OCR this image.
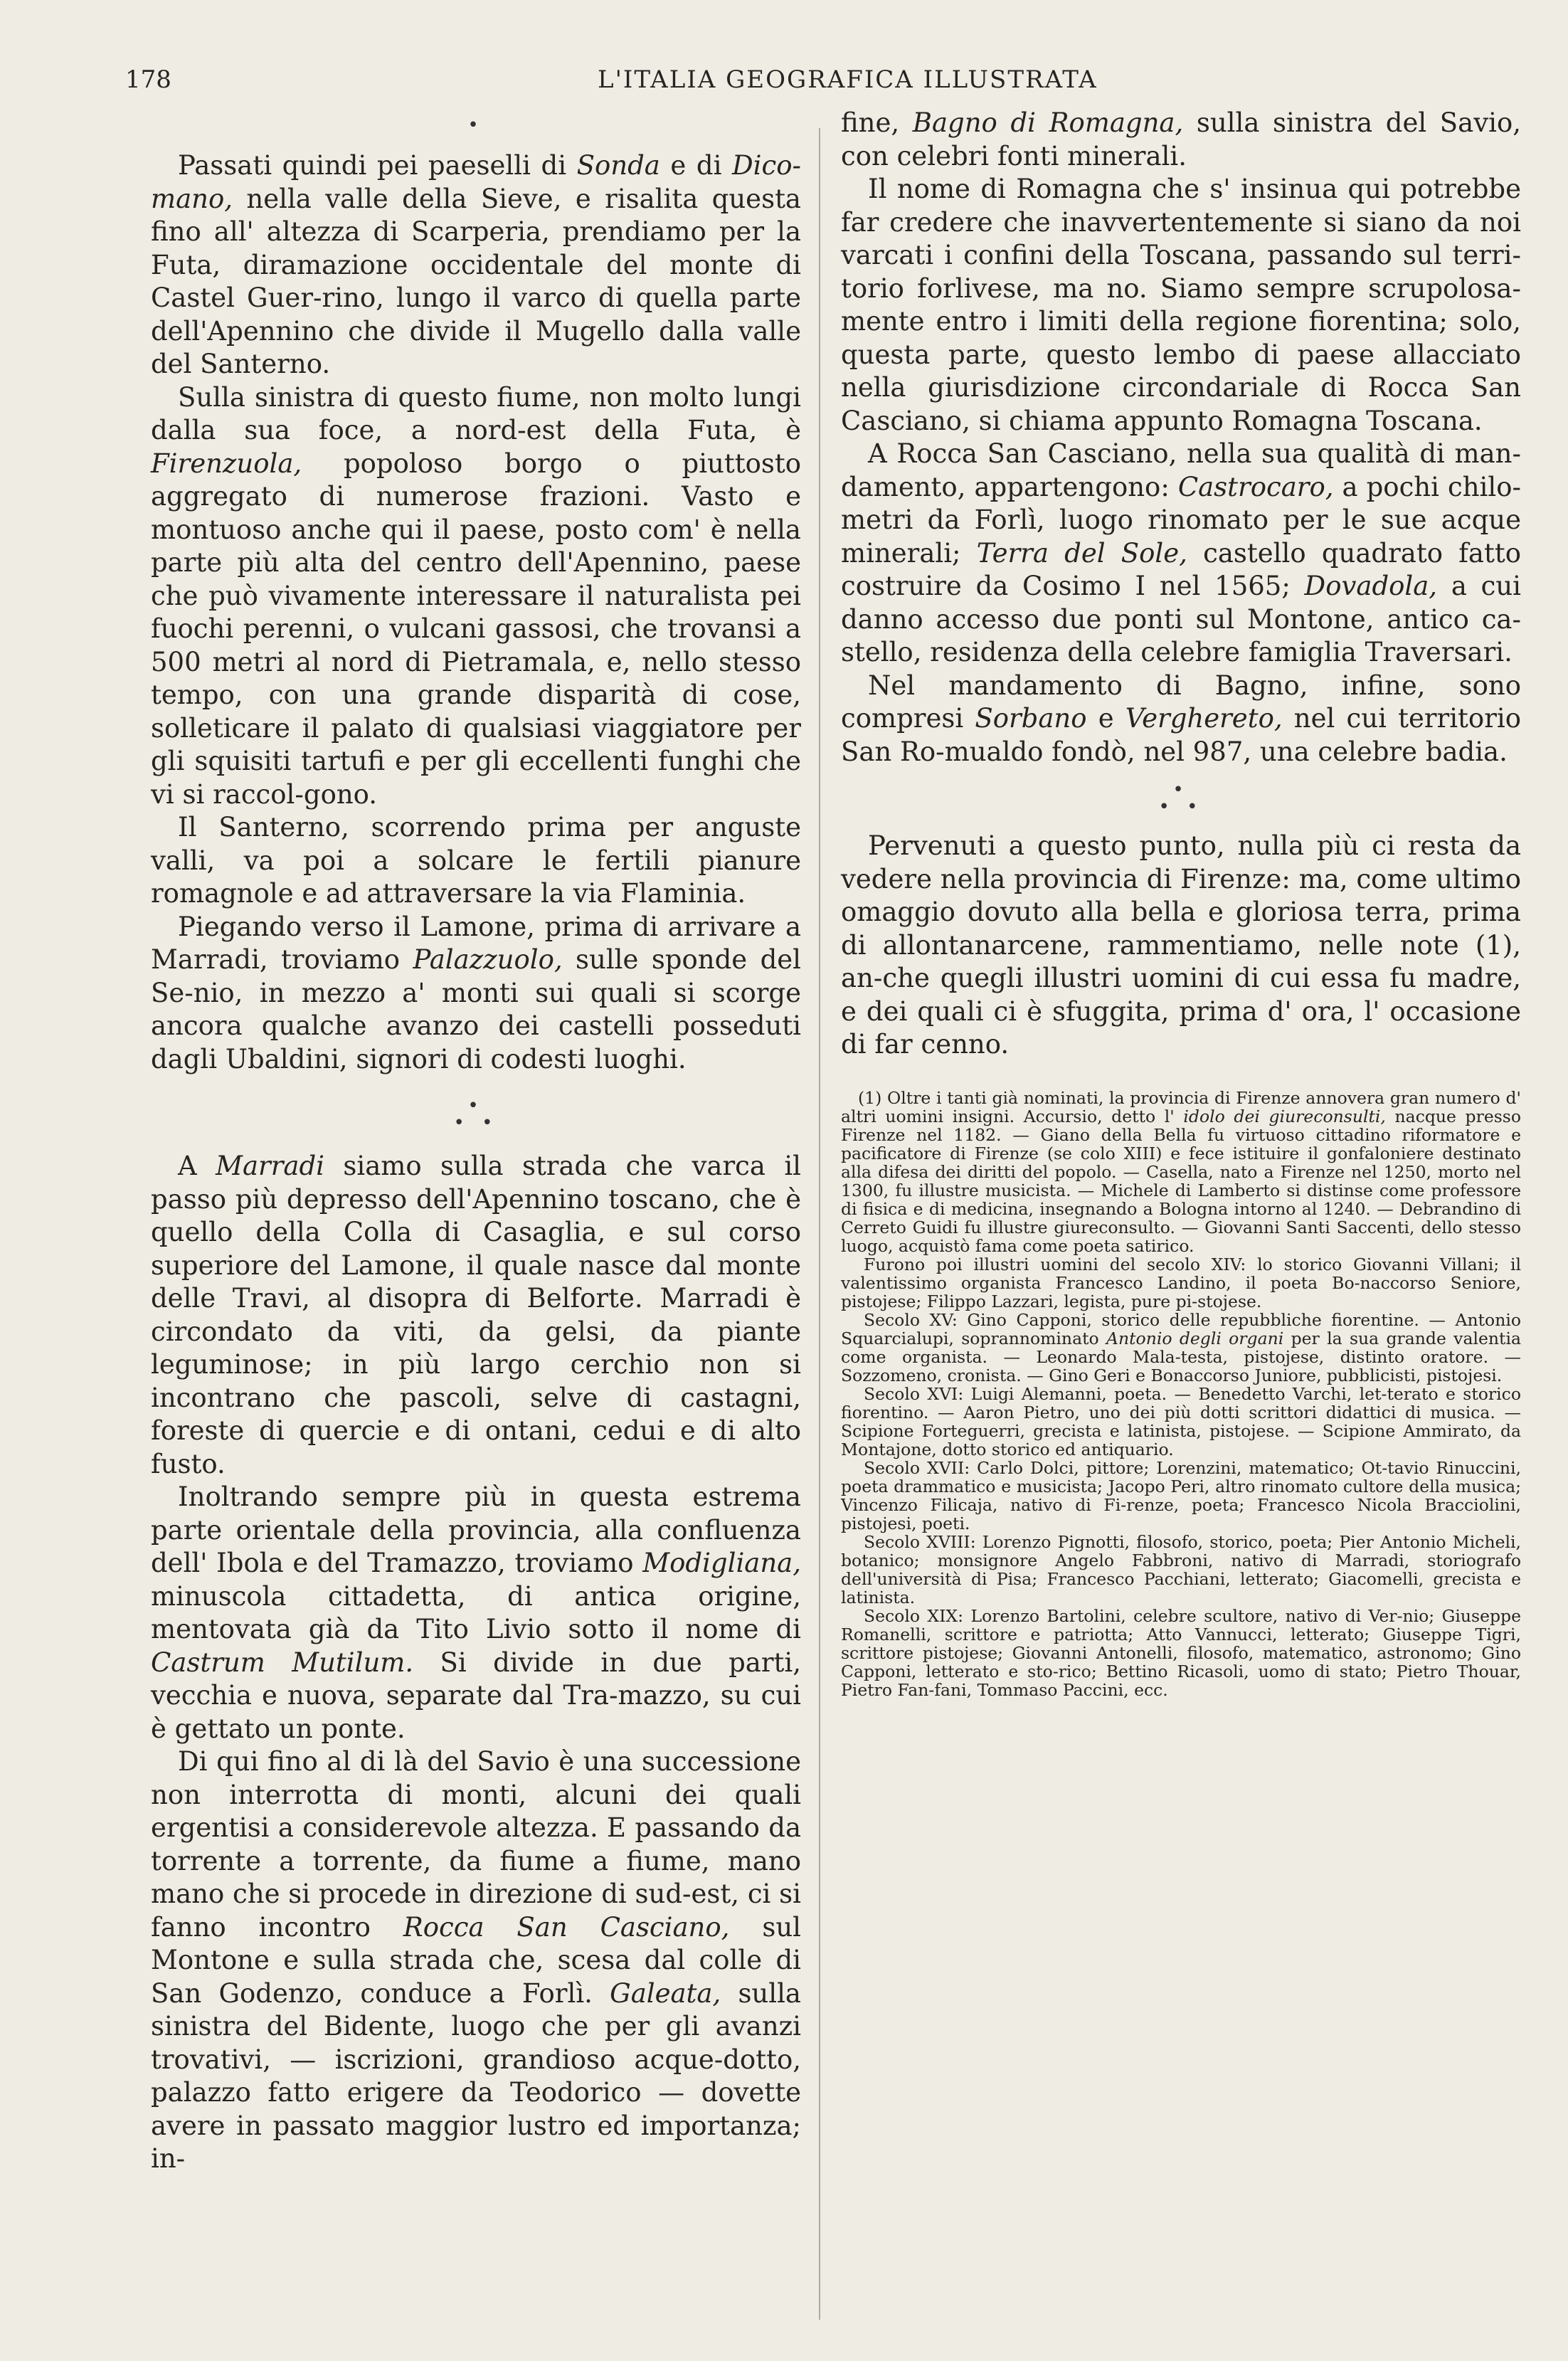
178	L'ITALIA GEOGRAFICA ILLUSTRATA
•

Passati quindi pei paeselli di Sonda e di Dico-mano, nella valle della Sieve, e risalita questa fino all' altezza di Scarperia, prendiamo per la Futa, diramazione occidentale del monte di Castel Guer-rino, lungo il varco di quella parte dell'Apennino che divide il Mugello dalla valle del Santerno.

Sulla sinistra di questo fiume, non molto lungi dalla sua foce, a nord-est della Futa, è Firenzuola, popoloso borgo o piuttosto aggregato di numerose frazioni. Vasto e montuoso anche qui il paese, posto com' è nella parte più alta del centro dell'Apennino, paese che può vivamente interessare il naturalista pei fuochi perenni, o vulcani gassosi, che trovansi a 500 metri al nord di Pietramala, e, nello stesso tempo, con una grande disparità di cose, solleticare il palato di qualsiasi viaggiatore per gli squisiti tartufi e per gli eccellenti funghi che vi si raccol-gono.

Il Santerno, scorrendo prima per anguste valli, va poi a solcare le fertili pianure romagnole e ad attraversare la via Flaminia.

Piegando verso il Lamone, prima di arrivare a Marradi, troviamo Palazzuolo, sulle sponde del Se-nio, in mezzo a' monti sui quali si scorge ancora qualche avanzo dei castelli posseduti dagli Ubaldini, signori di codesti luoghi.

•
• •

A Marradi siamo sulla strada che varca il passo più depresso dell'Apennino toscano, che è quello della Colla di Casaglia, e sul corso superiore del Lamone, il quale nasce dal monte delle Travi, al disopra di Belforte. Marradi è circondato da viti, da gelsi, da piante leguminose; in più largo cerchio non si incontrano che pascoli, selve di castagni, foreste di quercie e di ontani, cedui e di alto fusto.

Inoltrando sempre più in questa estrema parte orientale della provincia, alla confluenza dell' Ibola e del Tramazzo, troviamo Modigliana, minuscola cittadetta, di antica origine, mentovata già da Tito Livio sotto il nome di Castrum Mutilum. Si divide in due parti, vecchia e nuova, separate dal Tra-mazzo, su cui è gettato un ponte.

Di qui fino al di là del Savio è una successione non interrotta di monti, alcuni dei quali ergentisi a considerevole altezza. E passando da torrente a torrente, da fiume a fiume, mano mano che si procede in direzione di sud-est, ci si fanno incontro Rocca San Casciano, sul Montone e sulla strada che, scesa dal colle di San Godenzo, conduce a Forlì. Galeata, sulla sinistra del Bidente, luogo che per gli avanzi trovativi, — iscrizioni, grandioso acque-dotto, palazzo fatto erigere da Teodorico — dovette avere in passato maggior lustro ed importanza; in-

fine, Bagno di Romagna, sulla sinistra del Savio, con celebri fonti minerali.

Il nome di Romagna che s' insinua qui potrebbe far credere che inavvertentemente si siano da noi varcati i confini della Toscana, passando sul terri-torio forlivese, ma no. Siamo sempre scrupolosa-mente entro i limiti della regione fiorentina; solo, questa parte, questo lembo di paese allacciato nella giurisdizione circondariale di Rocca San Casciano, si chiama appunto Romagna Toscana.

A Rocca San Casciano, nella sua qualità di man-damento, appartengono: Castrocaro, a pochi chilo-metri da Forlì, luogo rinomato per le sue acque minerali; Terra del Sole, castello quadrato fatto costruire da Cosimo I nel 1565; Dovadola, a cui danno accesso due ponti sul Montone, antico ca-stello, residenza della celebre famiglia Traversari.

Nel mandamento di Bagno, infine, sono compresi Sorbano e Verghereto, nel cui territorio San Ro-mualdo fondò, nel 987, una celebre badia.

•
• •

Pervenuti a questo punto, nulla più ci resta da vedere nella provincia di Firenze: ma, come ultimo omaggio dovuto alla bella e gloriosa terra, prima di allontanarcene, rammentiamo, nelle note (1), an-che quegli illustri uomini di cui essa fu madre, e dei quali ci è sfuggita, prima d' ora, l' occasione di far cenno.

(1) Oltre i tanti già nominati, la provincia di Firenze annovera gran numero d' altri uomini insigni. Accursio, detto l' idolo dei giureconsulti, nacque presso Firenze nel 1182. — Giano della Bella fu virtuoso cittadino riformatore e pacificatore di Firenze (se colo XIII) e fece istituire il gonfaloniere destinato alla difesa dei diritti del popolo. — Casella, nato a Firenze nel 1250, morto nel 1300, fu illustre musicista. — Michele di Lamberto si distinse come professore di fisica e di medicina, insegnando a Bologna intorno al 1240. — Debrandino di Cerreto Guidi fu illustre giureconsulto. — Giovanni Santi Saccenti, dello stesso luogo, acquistò fama come poeta satirico.

Furono poi illustri uomini del secolo XIV: lo storico Giovanni Villani; il valentissimo organista Francesco Landino, il poeta Bo-naccorso Seniore, pistojese; Filippo Lazzari, legista, pure pi-stojese.

Secolo XV: Gino Capponi, storico delle repubbliche fiorentine. — Antonio Squarcialupi, soprannominato Antonio degli organi per la sua grande valentia come organista. — Leonardo Mala-testa, pistojese, distinto oratore. — Sozzomeno, cronista. — Gino Geri e Bonaccorso Juniore, pubblicisti, pistojesi.

Secolo XVI: Luigi Alemanni, poeta. — Benedetto Varchi, let-terato e storico fiorentino. — Aaron Pietro, uno dei più dotti scrittori didattici di musica. — Scipione Forteguerri, grecista e latinista, pistojese. — Scipione Ammirato, da Montajone, dotto storico ed antiquario.

Secolo XVII: Carlo Dolci, pittore; Lorenzini, matematico; Ot-tavio Rinuccini, poeta drammatico e musicista; Jacopo Peri, altro rinomato cultore della musica; Vincenzo Filicaja, nativo di Fi-renze, poeta; Francesco Nicola Bracciolini, pistojesi, poeti.

Secolo XVIII: Lorenzo Pignotti, filosofo, storico, poeta; Pier Antonio Micheli, botanico; monsignore Angelo Fabbroni, nativo di Marradi, storiografo dell'università di Pisa; Francesco Pacchiani, letterato; Giacomelli, grecista e latinista.

Secolo XIX: Lorenzo Bartolini, celebre scultore, nativo di Ver-nio; Giuseppe Romanelli, scrittore e patriotta; Atto Vannucci, letterato; Giuseppe Tigri, scrittore pistojese; Giovanni Antonelli, filosofo, matematico, astronomo; Gino Capponi, letterato e sto-rico; Bettino Ricasoli, uomo di stato; Pietro Thouar, Pietro Fan-fani, Tommaso Paccini, ecc.
